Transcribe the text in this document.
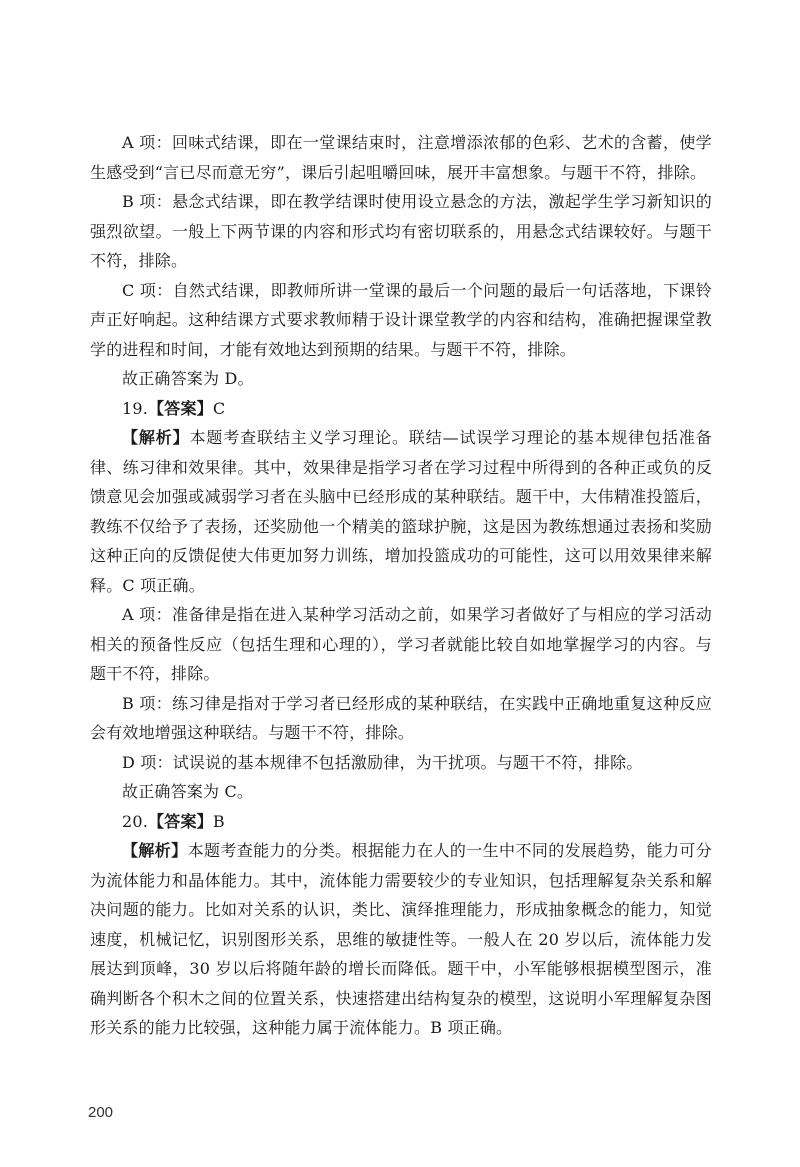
A 项：回味式结课，即在一堂课结束时，注意增添浓郁的色彩、艺术的含蓄，使学生感受到“言已尽而意无穷”，课后引起咀嚼回味，展开丰富想象。与题干不符，排除。

B 项：悬念式结课，即在教学结课时使用设立悬念的方法，激起学生学习新知识的强烈欲望。一般上下两节课的内容和形式均有密切联系的，用悬念式结课较好。与题干不符，排除。

C 项：自然式结课，即教师所讲一堂课的最后一个问题的最后一句话落地，下课铃声正好响起。这种结课方式要求教师精于设计课堂教学的内容和结构，准确把握课堂教学的进程和时间，才能有效地达到预期的结果。与题干不符，排除。

故正确答案为 D。

19.【答案】C

【解析】本题考查联结主义学习理论。联结—试误学习理论的基本规律包括准备律、练习律和效果律。其中，效果律是指学习者在学习过程中所得到的各种正或负的反馈意见会加强或减弱学习者在头脑中已经形成的某种联结。题干中，大伟精准投篮后，教练不仅给予了表扬，还奖励他一个精美的篮球护腕，这是因为教练想通过表扬和奖励这种正向的反馈促使大伟更加努力训练，增加投篮成功的可能性，这可以用效果律来解释。C 项正确。

A 项：准备律是指在进入某种学习活动之前，如果学习者做好了与相应的学习活动相关的预备性反应（包括生理和心理的），学习者就能比较自如地掌握学习的内容。与题干不符，排除。

B 项：练习律是指对于学习者已经形成的某种联结，在实践中正确地重复这种反应会有效地增强这种联结。与题干不符，排除。

D 项：试误说的基本规律不包括激励律，为干扰项。与题干不符，排除。

故正确答案为 C。

20.【答案】B

【解析】本题考查能力的分类。根据能力在人的一生中不同的发展趋势，能力可分为流体能力和晶体能力。其中，流体能力需要较少的专业知识，包括理解复杂关系和解决问题的能力。比如对关系的认识，类比、演绎推理能力，形成抽象概念的能力，知觉速度，机械记忆，识别图形关系，思维的敏捷性等。一般人在 20 岁以后，流体能力发展达到顶峰，30 岁以后将随年龄的增长而降低。题干中，小军能够根据模型图示，准确判断各个积木之间的位置关系，快速搭建出结构复杂的模型，这说明小军理解复杂图形关系的能力比较强，这种能力属于流体能力。B 项正确。

200
